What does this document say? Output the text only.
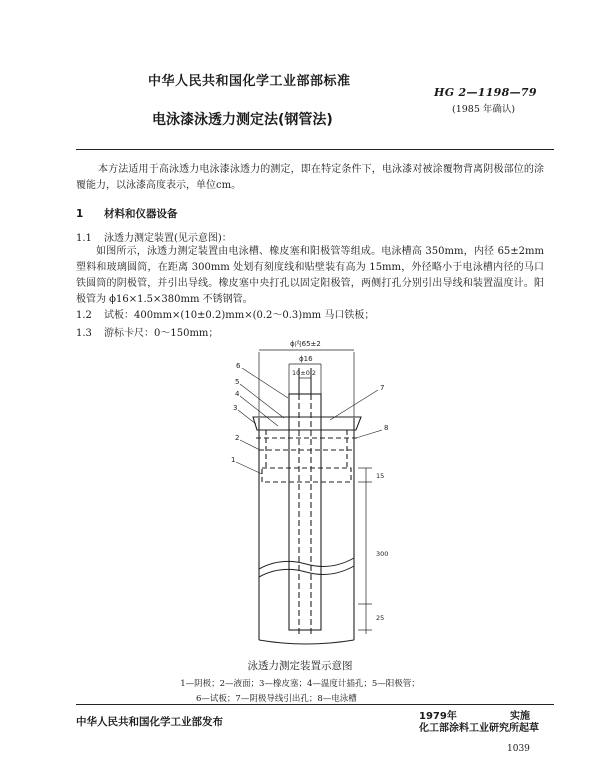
中华人民共和国化学工业部部标准
电泳漆泳透力测定法(钢管法)
HG 2—1198—79
(1985 年确认)

本方法适用于高泳透力电泳漆泳透力的测定，即在特定条件下，电泳漆对被涂覆物背离阴极部位的涂覆能力，以泳漆高度表示，单位cm。

1 材料和仪器设备
1.1 泳透力测定装置(见示意图)：

如图所示，泳透力测定装置由电泳槽、橡皮塞和阳极管等组成。电泳槽高 350mm，内径 65±2mm 塑料和玻璃圆筒，在距离 300mm 处划有刻度线和贴壁装有高为 15mm，外径略小于电泳槽内径的马口铁圆筒的阴极管，并引出导线。橡皮塞中央打孔以固定阳极管，两侧打孔分别引出导线和装置温度计。阳极管为 ϕ16×1.5×380mm 不锈钢管。

1.2 试板：400mm×(10±0.2)mm×(0.2～0.3)mm 马口铁板；
1.3 游标卡尺：0～150mm；
ϕ内65±2
ϕ16
10±0.2
15
300
25
6
5
4
3
2
1
7
8
泳透力测定装置示意图
1—阴极；2—液面；3—橡皮塞；4—温度计插孔；5—阳极管；
6—试板；7—阴极导线引出孔；8—电泳槽
中华人民共和国化学工业部发布	1979年	实施
化工部涂料工业研究所起草
1039
